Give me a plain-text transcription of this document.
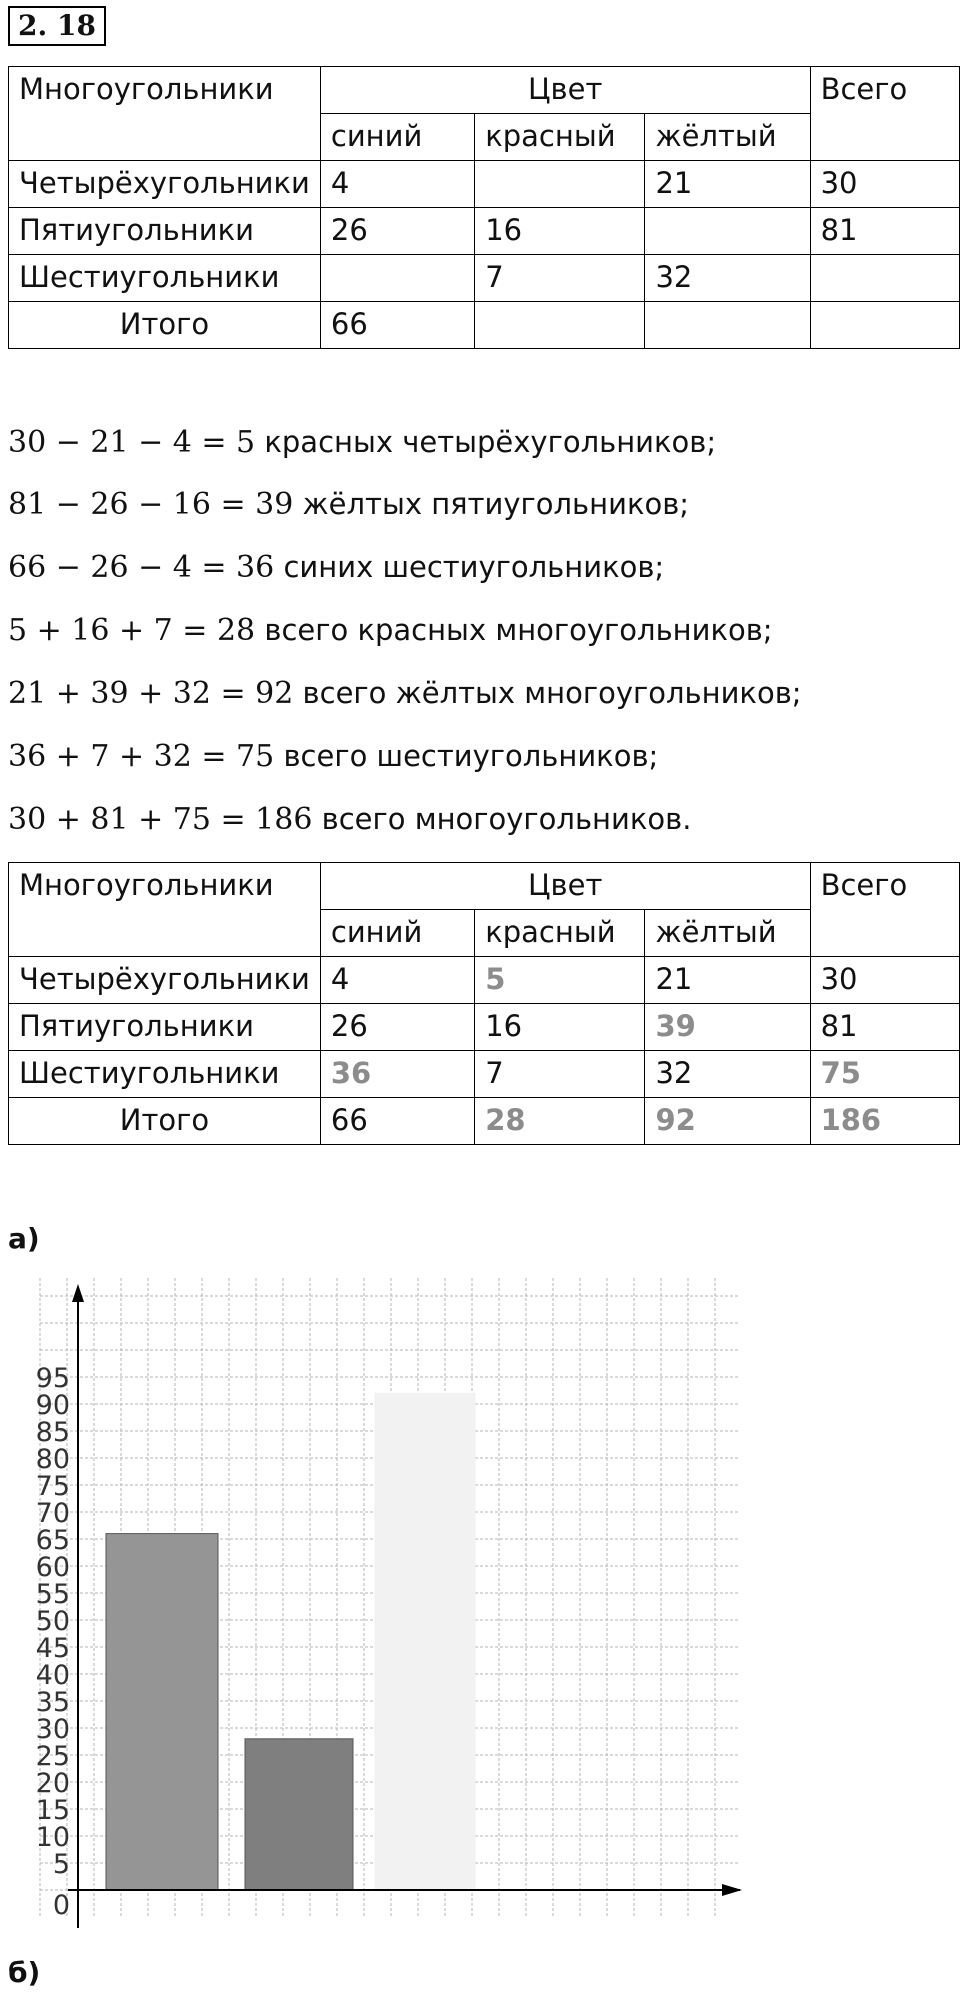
2. 18
Многоугольники	Цвет			Всего
	синий	красный	жёлтый	
Четырёхугольники	4		21	30
Пятиугольники	26	16		81
Шестиугольники		7	32	
Итого	66			
30 − 21 − 4 = 5 красных четырёхугольников;
81 − 26 − 16 = 39 жёлтых пятиугольников;
66 − 26 − 4 = 36 синих шестиугольников;
5 + 16 + 7 = 28 всего красных многоугольников;
21 + 39 + 32 = 92 всего жёлтых многоугольников;
36 + 7 + 32 = 75 всего шестиугольников;
30 + 81 + 75 = 186 всего многоугольников.
Многоугольники	Цвет			Всего
	синий	красный	жёлтый	
Четырёхугольники	4	5	21	30
Пятиугольники	26	16	39	81
Шестиугольники	36	7	32	75
Итого	66	28	92	186
а)
0
5
10
15
20
25
30
35
40
45
50
55
60
65
70
75
80
85
90
95
б)
